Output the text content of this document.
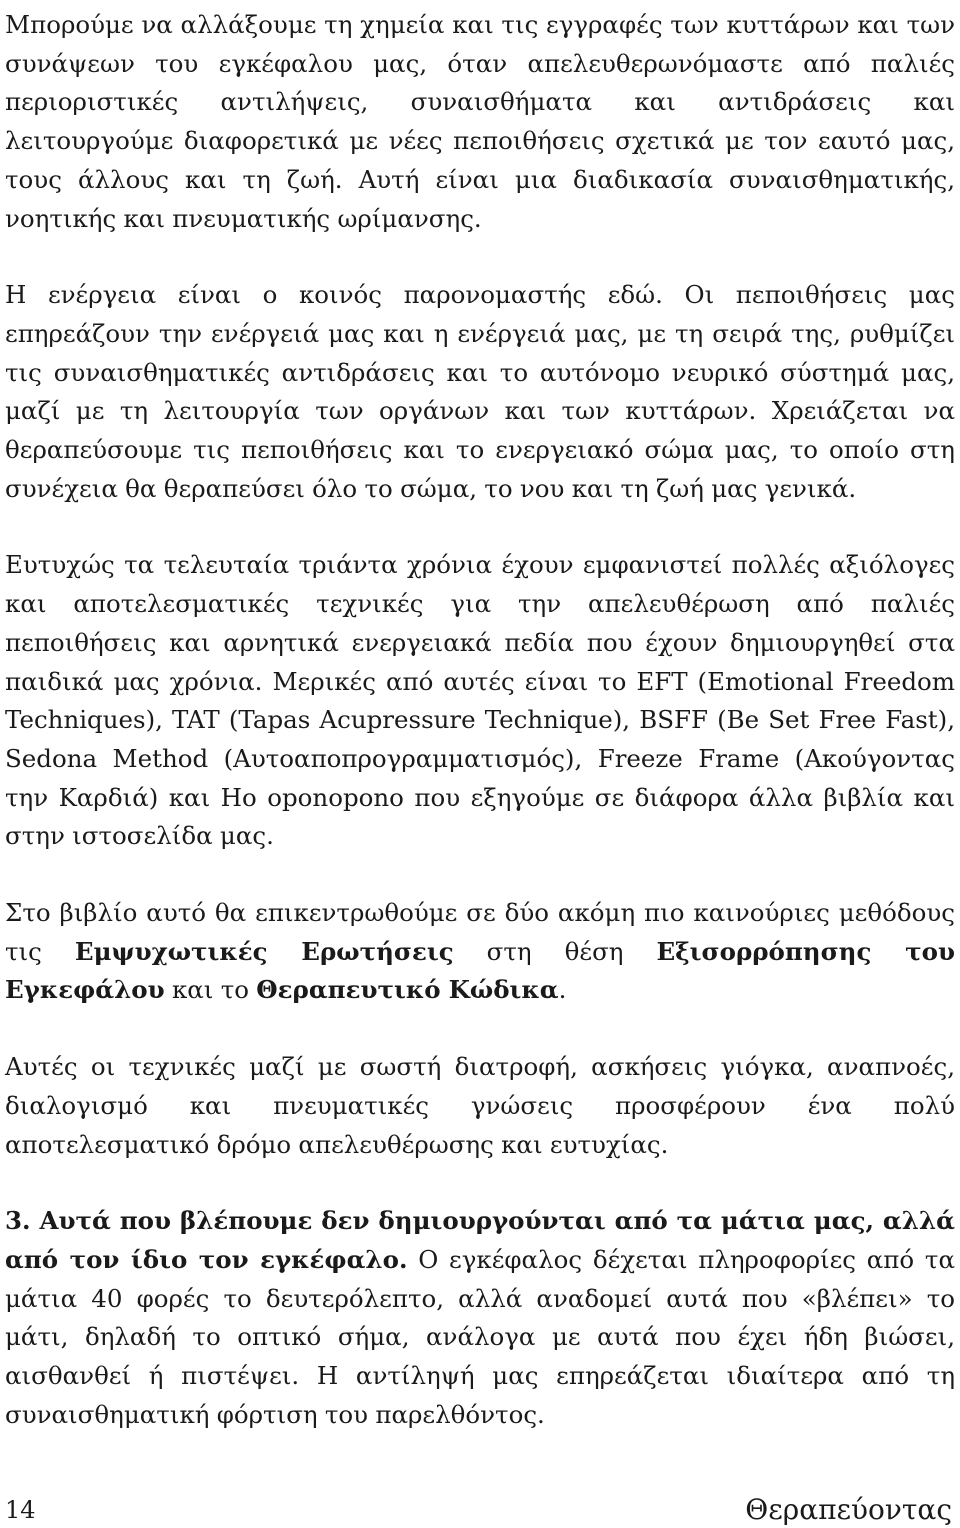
Μπορούμε να αλλάξουμε τη χημεία και τις εγγραφές των κυττάρων και των συνάψεων του εγκέφαλου μας, όταν απελευθερωνόμαστε από παλιές περιοριστικές αντιλήψεις, συναισθήματα και αντιδράσεις και λειτουργούμε διαφορετικά με νέες πεποιθήσεις σχετικά με τον εαυτό μας, τους άλλους και τη ζωή. Αυτή είναι μια διαδικασία συναισθηματικής, νοητικής και πνευματικής ωρίμανσης.

Η ενέργεια είναι ο κοινός παρονομαστής εδώ. Οι πεποιθήσεις μας επηρεάζουν την ενέργειά μας και η ενέργειά μας, με τη σειρά της, ρυθμίζει τις συναισθηματικές αντιδράσεις και το αυτόνομο νευρικό σύστημά μας, μαζί με τη λειτουργία των οργάνων και των κυττάρων. Χρειάζεται να θεραπεύσουμε τις πεποιθήσεις και το ενεργειακό σώμα μας, το οποίο στη συνέχεια θα θεραπεύσει όλο το σώμα, το νου και τη ζωή μας γενικά.

Ευτυχώς τα τελευταία τριάντα χρόνια έχουν εμφανιστεί πολλές αξιόλογες και αποτελεσματικές τεχνικές για την απελευθέρωση από παλιές πεποιθήσεις και αρνητικά ενεργειακά πεδία που έχουν δημιουργηθεί στα παιδικά μας χρόνια. Μερικές από αυτές είναι το EFT (Emotional Freedom Techniques), TAT (Tapas Acupressure Technique), BSFF (Be Set Free Fast), Sedona Method (Αυτοαποπρογραμματισμός), Freeze Frame (Ακούγοντας την Καρδιά) και Ho oponopono που εξηγούμε σε διάφορα άλλα βιβλία και στην ιστοσελίδα μας.

Στο βιβλίο αυτό θα επικεντρωθούμε σε δύο ακόμη πιο καινούριες μεθόδους τις Εμψυχωτικές Ερωτήσεις στη θέση Εξισορρόπησης του Εγκεφάλου και το Θεραπευτικό Κώδικα.

Αυτές οι τεχνικές μαζί με σωστή διατροφή, ασκήσεις γιόγκα, αναπνοές, διαλογισμό και πνευματικές γνώσεις προσφέρουν ένα πολύ αποτελεσματικό δρόμο απελευθέρωσης και ευτυχίας.

3. Αυτά που βλέπουμε δεν δημιουργούνται από τα μάτια μας, αλλά από τον ίδιο τον εγκέφαλο. Ο εγκέφαλος δέχεται πληροφορίες από τα μάτια 40 φορές το δευτερόλεπτο, αλλά αναδομεί αυτά που «βλέπει» το μάτι, δηλαδή το οπτικό σήμα, ανάλογα με αυτά που έχει ήδη βιώσει, αισθανθεί ή πιστέψει. Η αντίληψή μας επηρεάζεται ιδιαίτερα από τη συναισθηματική φόρτιση του παρελθόντος.

14	Θεραπεύοντας
